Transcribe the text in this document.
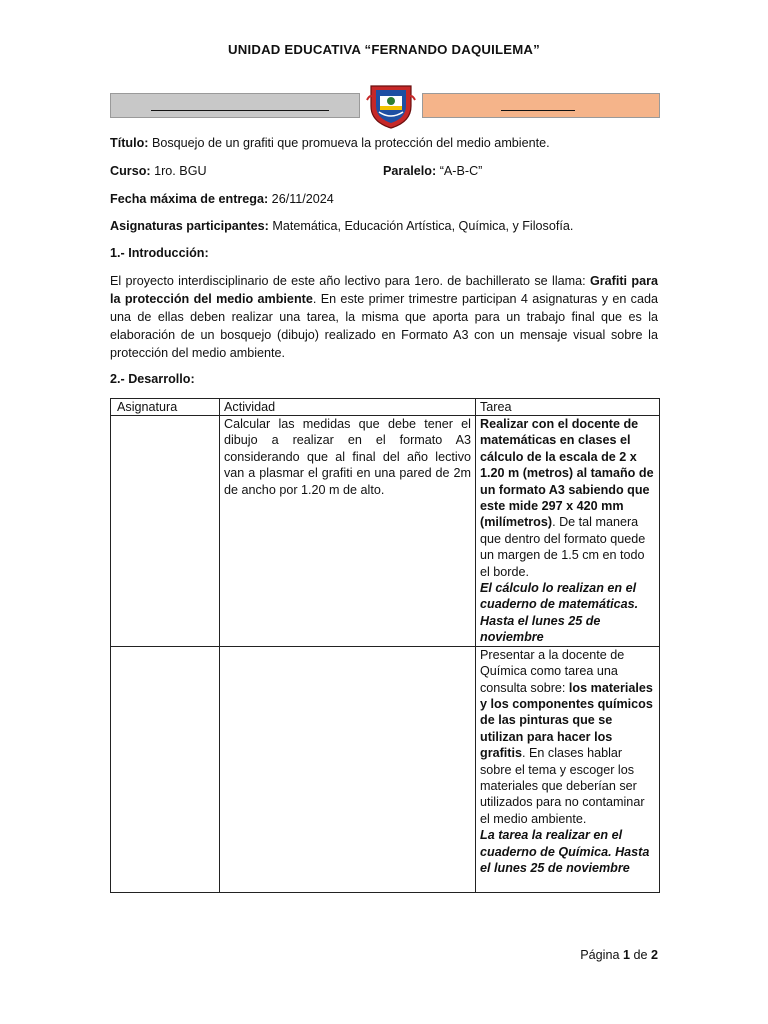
UNIDAD EDUCATIVA “FERNANDO DAQUILEMA”
Título: Bosquejo de un grafiti que promueva la protección del medio ambiente.
Curso: 1ro. BGU	Paralelo: “A-B-C”
Fecha máxima de entrega: 26/11/2024
Asignaturas participantes: Matemática, Educación Artística, Química, y Filosofía.
1.- Introducción:
El proyecto interdisciplinario de este año lectivo para 1ero. de bachillerato se llama: Grafiti para la protección del medio ambiente. En este primer trimestre participan 4 asignaturas y en cada una de ellas deben realizar una tarea, la misma que aporta para un trabajo final que es la elaboración de un bosquejo (dibujo) realizado en Formato A3 con un mensaje visual sobre la protección del medio ambiente.
2.- Desarrollo:
Asignatura	Actividad	Tarea
	Calcular las medidas que debe tener el dibujo a realizar en el formato A3 considerando que al final del año lectivo van a plasmar el grafiti en una pared de 2m de ancho por 1.20 m de alto.	Realizar con el docente de matemáticas en clases el cálculo de la escala de 2 x 1.20 m (metros) al tamaño de un formato A3 sabiendo que este mide 297 x 420 mm (milímetros). De tal manera que dentro del formato quede un margen de 1.5 cm en todo el borde.
El cálculo lo realizan en el cuaderno de matemáticas. Hasta el lunes 25 de noviembre
		Presentar a la docente de Química como tarea una consulta sobre: los materiales y los componentes químicos de las pinturas que se utilizan para hacer los grafitis. En clases hablar sobre el tema y escoger los materiales que deberían ser utilizados para no contaminar el medio ambiente.
La tarea la realizar en el cuaderno de Química. Hasta el lunes 25 de noviembre
Página 1 de 2
